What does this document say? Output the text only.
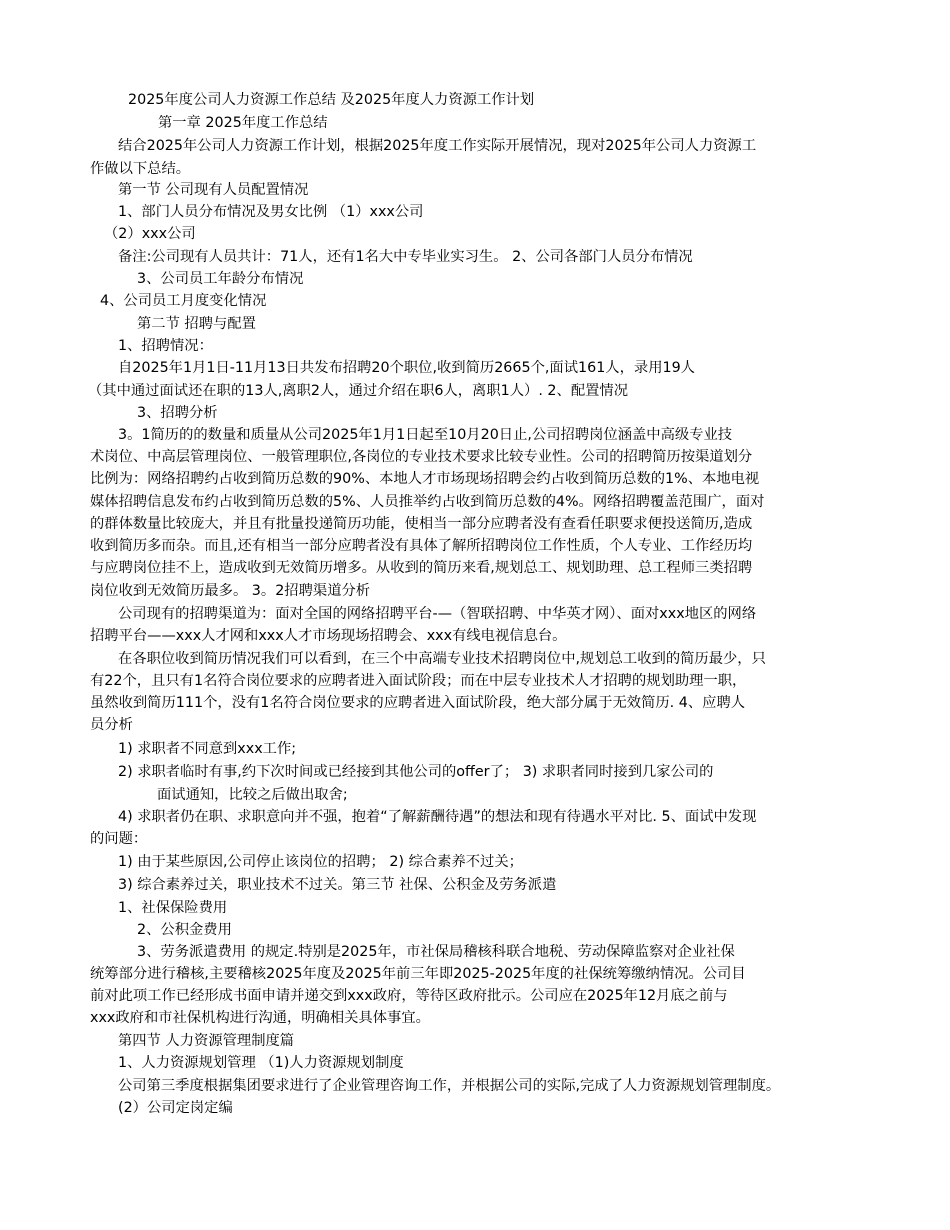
2025年度公司人力资源工作总结 及2025年度人力资源工作计划
第一章 2025年度工作总结
结合2025年公司人力资源工作计划，根据2025年度工作实际开展情况，现对2025年公司人力资源工
作做以下总结。
第一节 公司现有人员配置情况
1、部门人员分布情况及男女比例 （1）xxx公司
（2）xxx公司
备注:公司现有人员共计：71人，还有1名大中专毕业实习生。 2、公司各部门人员分布情况
3、公司员工年龄分布情况
4、公司员工月度变化情况
第二节 招聘与配置
1、招聘情况：
自2025年1月1日-11月13日共发布招聘20个职位,收到简历2665个,面试161人，录用19人
（其中通过面试还在职的13人,离职2人，通过介绍在职6人，离职1人）. 2、配置情况
3、招聘分析
3。1简历的的数量和质量从公司2025年1月1日起至10月20日止,公司招聘岗位涵盖中高级专业技
术岗位、中高层管理岗位、一般管理职位,各岗位的专业技术要求比较专业性。公司的招聘简历按渠道划分
比例为：网络招聘约占收到简历总数的90%、本地人才市场现场招聘会约占收到简历总数的1%、本地电视
媒体招聘信息发布约占收到简历总数的5%、人员推举约占收到简历总数的4%。网络招聘覆盖范围广，面对
的群体数量比较庞大，并且有批量投递简历功能，使相当一部分应聘者没有查看任职要求便投送简历,造成
收到简历多而杂。而且,还有相当一部分应聘者没有具体了解所招聘岗位工作性质，个人专业、工作经历均
与应聘岗位挂不上，造成收到无效简历增多。从收到的简历来看,规划总工、规划助理、总工程师三类招聘
岗位收到无效简历最多。 3。2招聘渠道分析
公司现有的招聘渠道为：面对全国的网络招聘平台-—（智联招聘、中华英才网）、面对xxx地区的网络
招聘平台——xxx人才网和xxx人才市场现场招聘会、xxx有线电视信息台。
在各职位收到简历情况我们可以看到，在三个中高端专业技术招聘岗位中,规划总工收到的简历最少，只
有22个，且只有1名符合岗位要求的应聘者进入面试阶段；而在中层专业技术人才招聘的规划助理一职，
虽然收到简历111个，没有1名符合岗位要求的应聘者进入面试阶段，绝大部分属于无效简历. 4、应聘人
员分析
1) 求职者不同意到xxx工作;
2) 求职者临时有事,约下次时间或已经接到其他公司的offer了； 3) 求职者同时接到几家公司的
面试通知，比较之后做出取舍;
4) 求职者仍在职、求职意向并不强，抱着“了解薪酬待遇”的想法和现有待遇水平对比. 5、面试中发现
的问题：
1) 由于某些原因,公司停止该岗位的招聘； 2) 综合素养不过关；
3) 综合素养过关，职业技术不过关。第三节 社保、公积金及劳务派遣
1、社保保险费用
2、公积金费用
3、劳务派遣费用 的规定.特别是2025年，市社保局稽核科联合地税、劳动保障监察对企业社保
统筹部分进行稽核,主要稽核2025年度及2025年前三年即2025-2025年度的社保统筹缴纳情况。公司目
前对此项工作已经形成书面申请并递交到xxx政府，等待区政府批示。公司应在2025年12月底之前与
xxx政府和市社保机构进行沟通，明确相关具体事宜。
第四节 人力资源管理制度篇
1、人力资源规划管理 （1)人力资源规划制度
公司第三季度根据集团要求进行了企业管理咨询工作，并根据公司的实际,完成了人力资源规划管理制度。
(2）公司定岗定编
